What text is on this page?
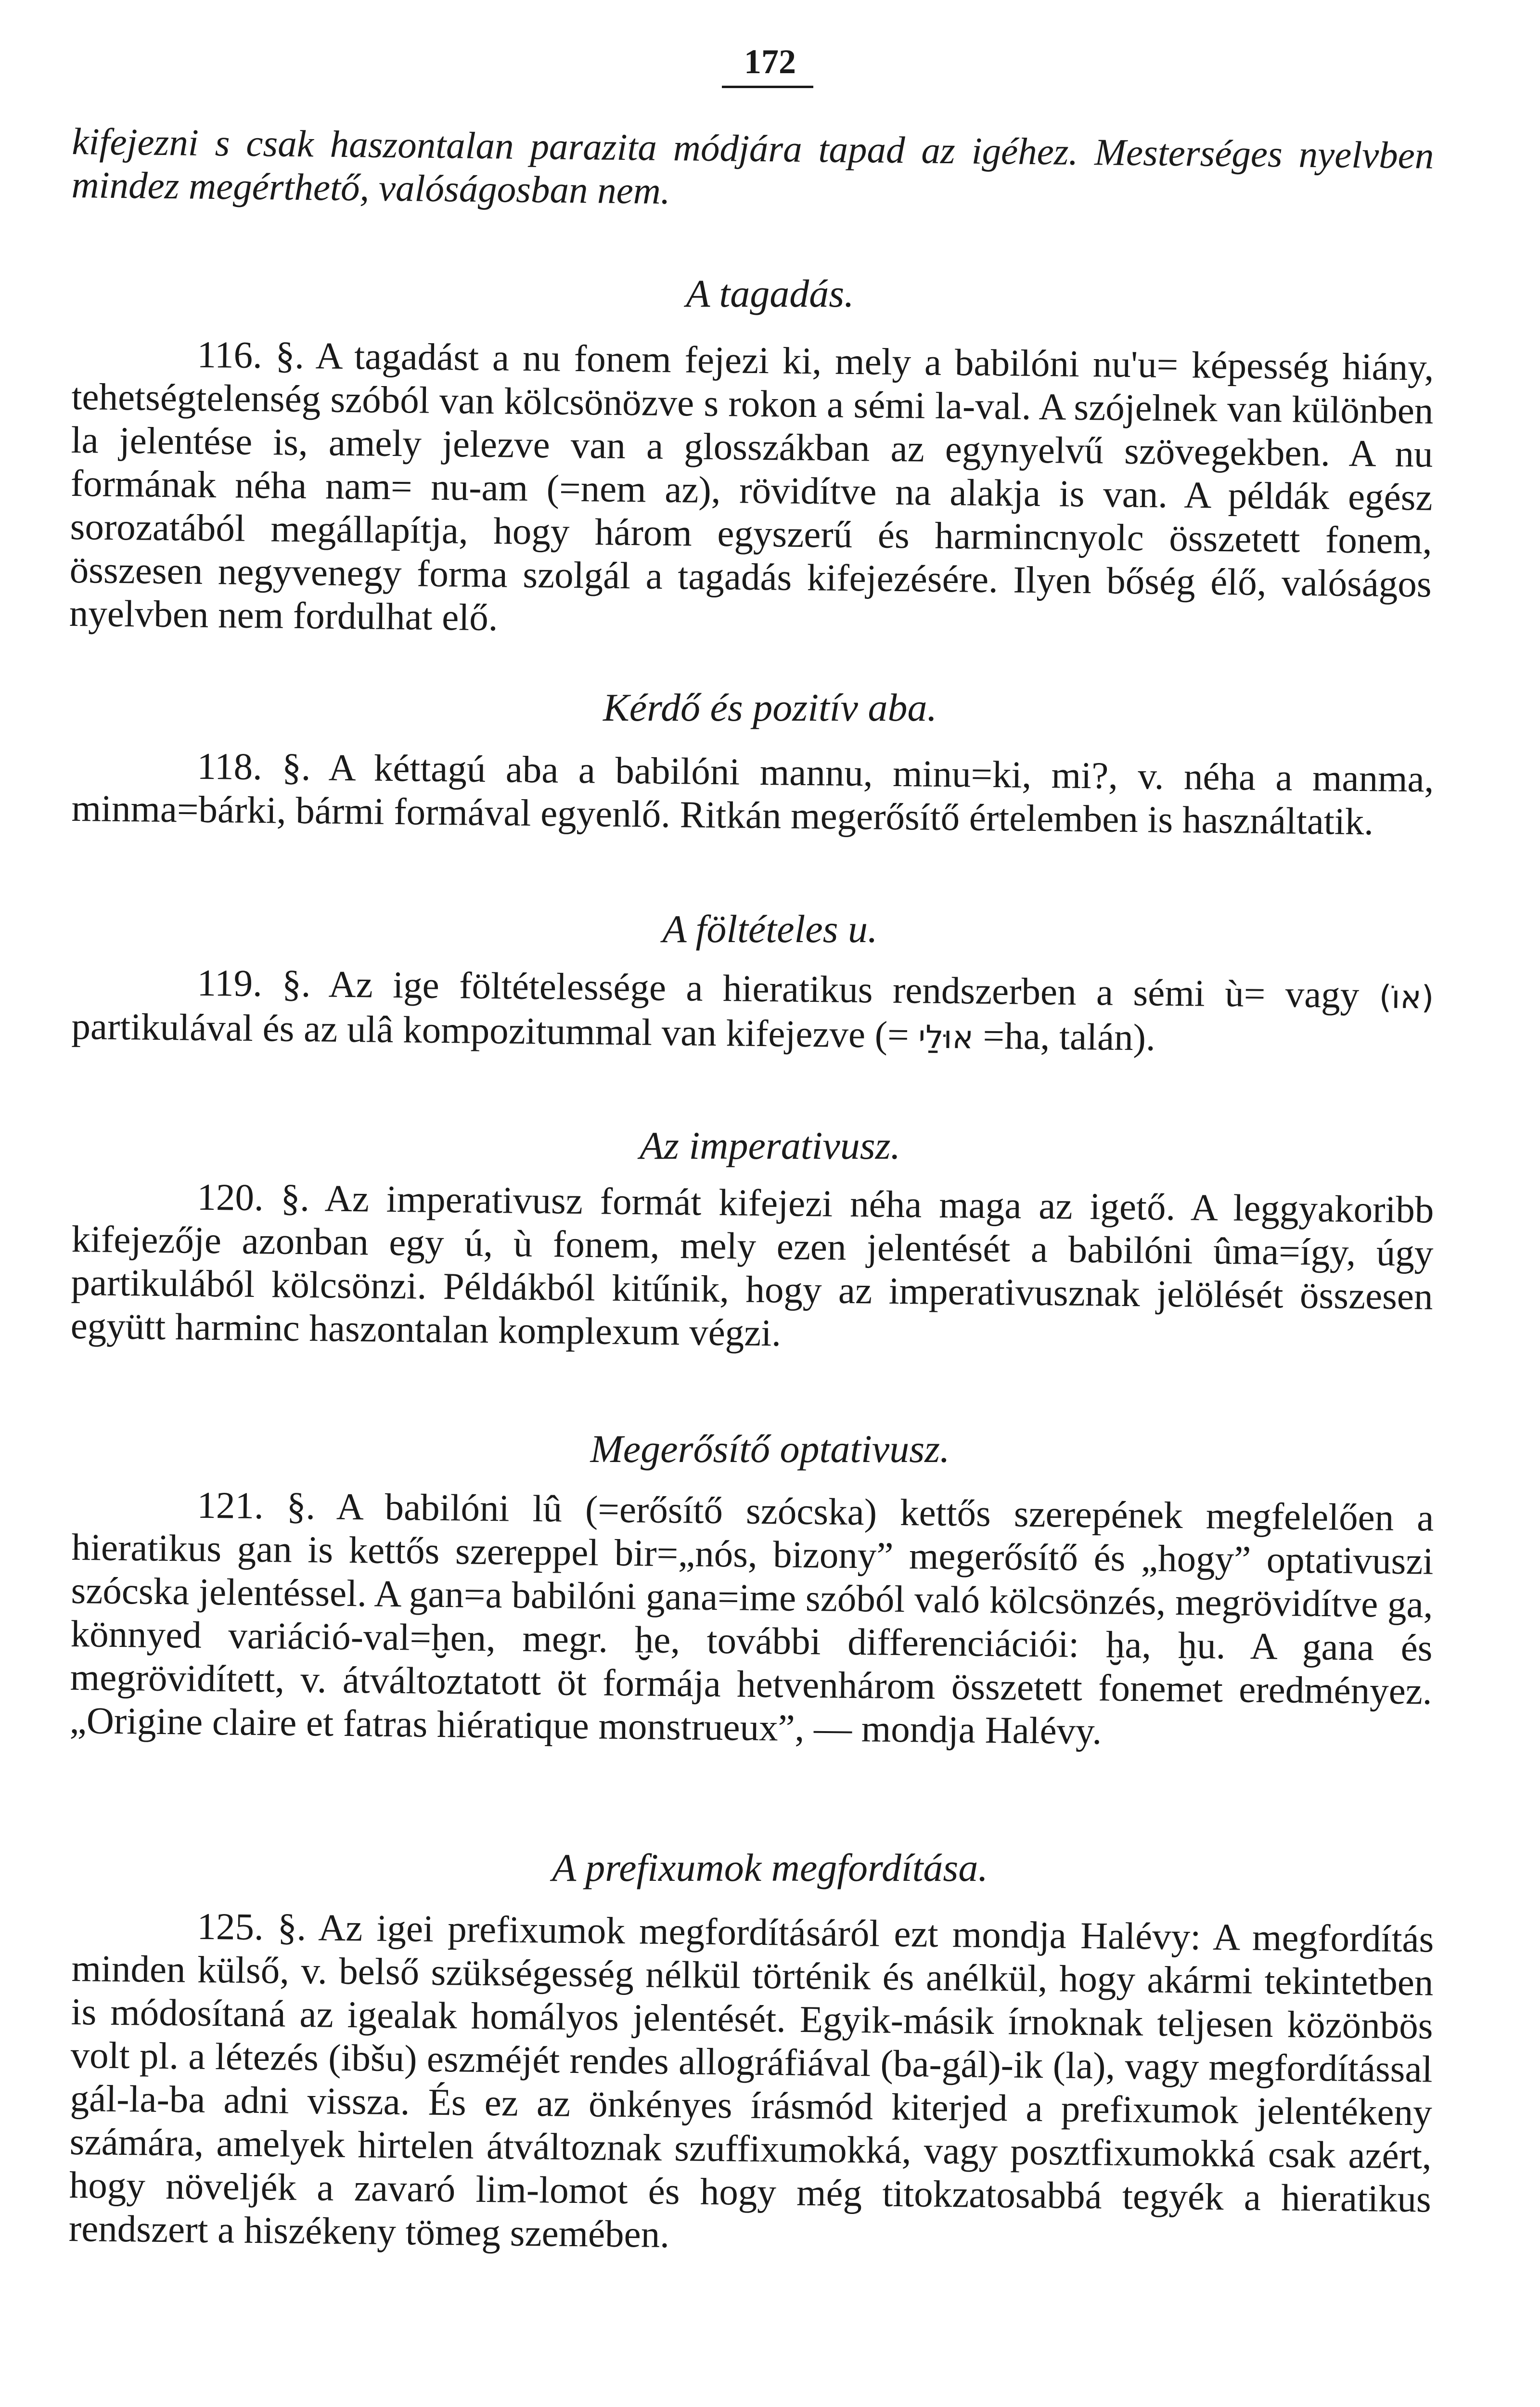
172
kifejezni s csak haszontalan parazita módjára tapad az igéhez. Mesterséges nyelvben mindez megérthető, valóságosban nem.
A tagadás.
116. §. A tagadást a nu fonem fejezi ki, mely a babilóni nu'u= képesség hiány, tehetségtelenség szóból van kölcsönözve s rokon a sémi la-val. A szójelnek van különben la jelentése is, amely jelezve van a glosszákban az egynyelvű szövegekben. A nu formának néha nam= nu-am (=nem az), rövidítve na alakja is van. A példák egész sorozatából megállapítja, hogy három egyszerű és harmincnyolc összetett fonem, összesen negyvenegy forma szolgál a tagadás kifejezésére. Ilyen bőség élő, valóságos nyelvben nem fordulhat elő.
Kérdő és pozitív aba.
118. §. A kéttagú aba a babilóni mannu, minu=ki, mi?, v. néha a manma, minma=bárki, bármi formával egyenlő. Ritkán megerősítő értelemben is használtatik.
A föltételes u.
119. §. Az ige föltételessége a hieratikus rendszerben a sémi ù= vagy (אוֹ) partikulával és az ulâ kompozitummal van kifejezve (= אוּלַי =ha, talán).
Az imperativusz.
120. §. Az imperativusz formát kifejezi néha maga az igető. A leggyakoribb kifejezője azonban egy ú, ù fonem, mely ezen jelentését a babilóni ûma=így, úgy partikulából kölcsönzi. Példákból kitűnik, hogy az imperativusznak jelölését összesen együtt harminc haszontalan komplexum végzi.
Megerősítő optativusz.
121. §. A babilóni lû (=erősítő szócska) kettős szerepének megfelelően a hieratikus gan is kettős szereppel bir=„nós, bizony” megerősítő és „hogy” optativuszi szócska jelentéssel. A gan=a babilóni gana=ime szóból való kölcsönzés, megrövidítve ga, könnyed variáció-val=ḫen, megr. ḫe, további differenciációi: ḫa, ḫu. A gana és megrövidített, v. átváltoztatott öt formája hetvenhárom összetett fonemet eredményez. „Origine claire et fatras hiératique monstrueux”, — mondja Halévy.
A prefixumok megfordítása.
125. §. Az igei prefixumok megfordításáról ezt mondja Halévy: A megfordítás minden külső, v. belső szükségesség nélkül történik és anélkül, hogy akármi tekintetben is módosítaná az igealak homályos jelentését. Egyik-másik írnoknak teljesen közönbös volt pl. a létezés (ibšu) eszméjét rendes allográfiával (ba-gál)-ik (la), vagy megfordítással gál-la-ba adni vissza. És ez az önkényes írásmód kiterjed a prefixumok jelentékeny számára, amelyek hirtelen átváltoznak szuffixumokká, vagy posztfixumokká csak azért, hogy növeljék a zavaró lim-lomot és hogy még titokzatosabbá tegyék a hieratikus rendszert a hiszékeny tömeg szemében.
